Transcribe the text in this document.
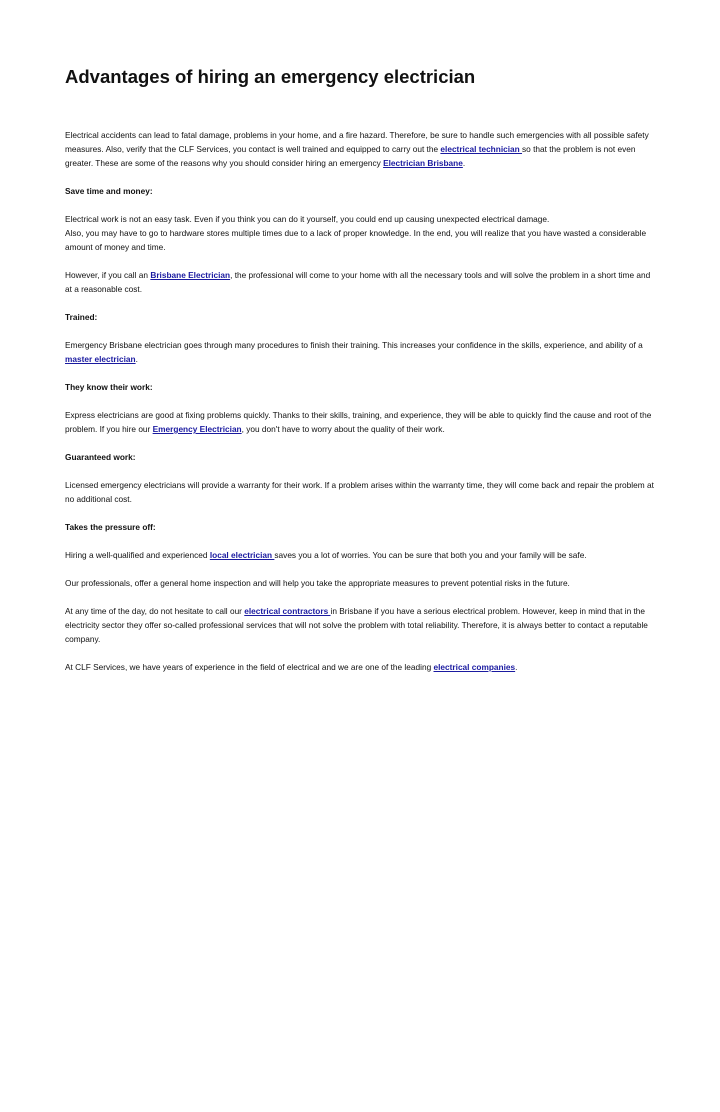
Advantages of hiring an emergency electrician

Electrical accidents can lead to fatal damage, problems in your home, and a fire hazard. Therefore, be sure to handle such emergencies with all possible safety measures. Also, verify that the CLF Services, you contact is well trained and equipped to carry out the electrical technician so that the problem is not even greater. These are some of the reasons why you should consider hiring an emergency Electrician Brisbane.

Save time and money:

Electrical work is not an easy task. Even if you think you can do it yourself, you could end up causing unexpected electrical damage.
Also, you may have to go to hardware stores multiple times due to a lack of proper knowledge. In the end, you will realize that you have wasted a considerable amount of money and time.

However, if you call an Brisbane Electrician, the professional will come to your home with all the necessary tools and will solve the problem in a short time and at a reasonable cost.

Trained:

Emergency Brisbane electrician goes through many procedures to finish their training. This increases your confidence in the skills, experience, and ability of a master electrician.

They know their work:

Express electricians are good at fixing problems quickly. Thanks to their skills, training, and experience, they will be able to quickly find the cause and root of the problem. If you hire our Emergency Electrician, you don't have to worry about the quality of their work.

Guaranteed work:

Licensed emergency electricians will provide a warranty for their work. If a problem arises within the warranty time, they will come back and repair the problem at no additional cost.

Takes the pressure off:

Hiring a well-qualified and experienced local electrician saves you a lot of worries. You can be sure that both you and your family will be safe.

Our professionals, offer a general home inspection and will help you take the appropriate measures to prevent potential risks in the future.

At any time of the day, do not hesitate to call our electrical contractors in Brisbane if you have a serious electrical problem. However, keep in mind that in the electricity sector they offer so-called professional services that will not solve the problem with total reliability. Therefore, it is always better to contact a reputable company.

At CLF Services, we have years of experience in the field of electrical and we are one of the leading electrical companies.
